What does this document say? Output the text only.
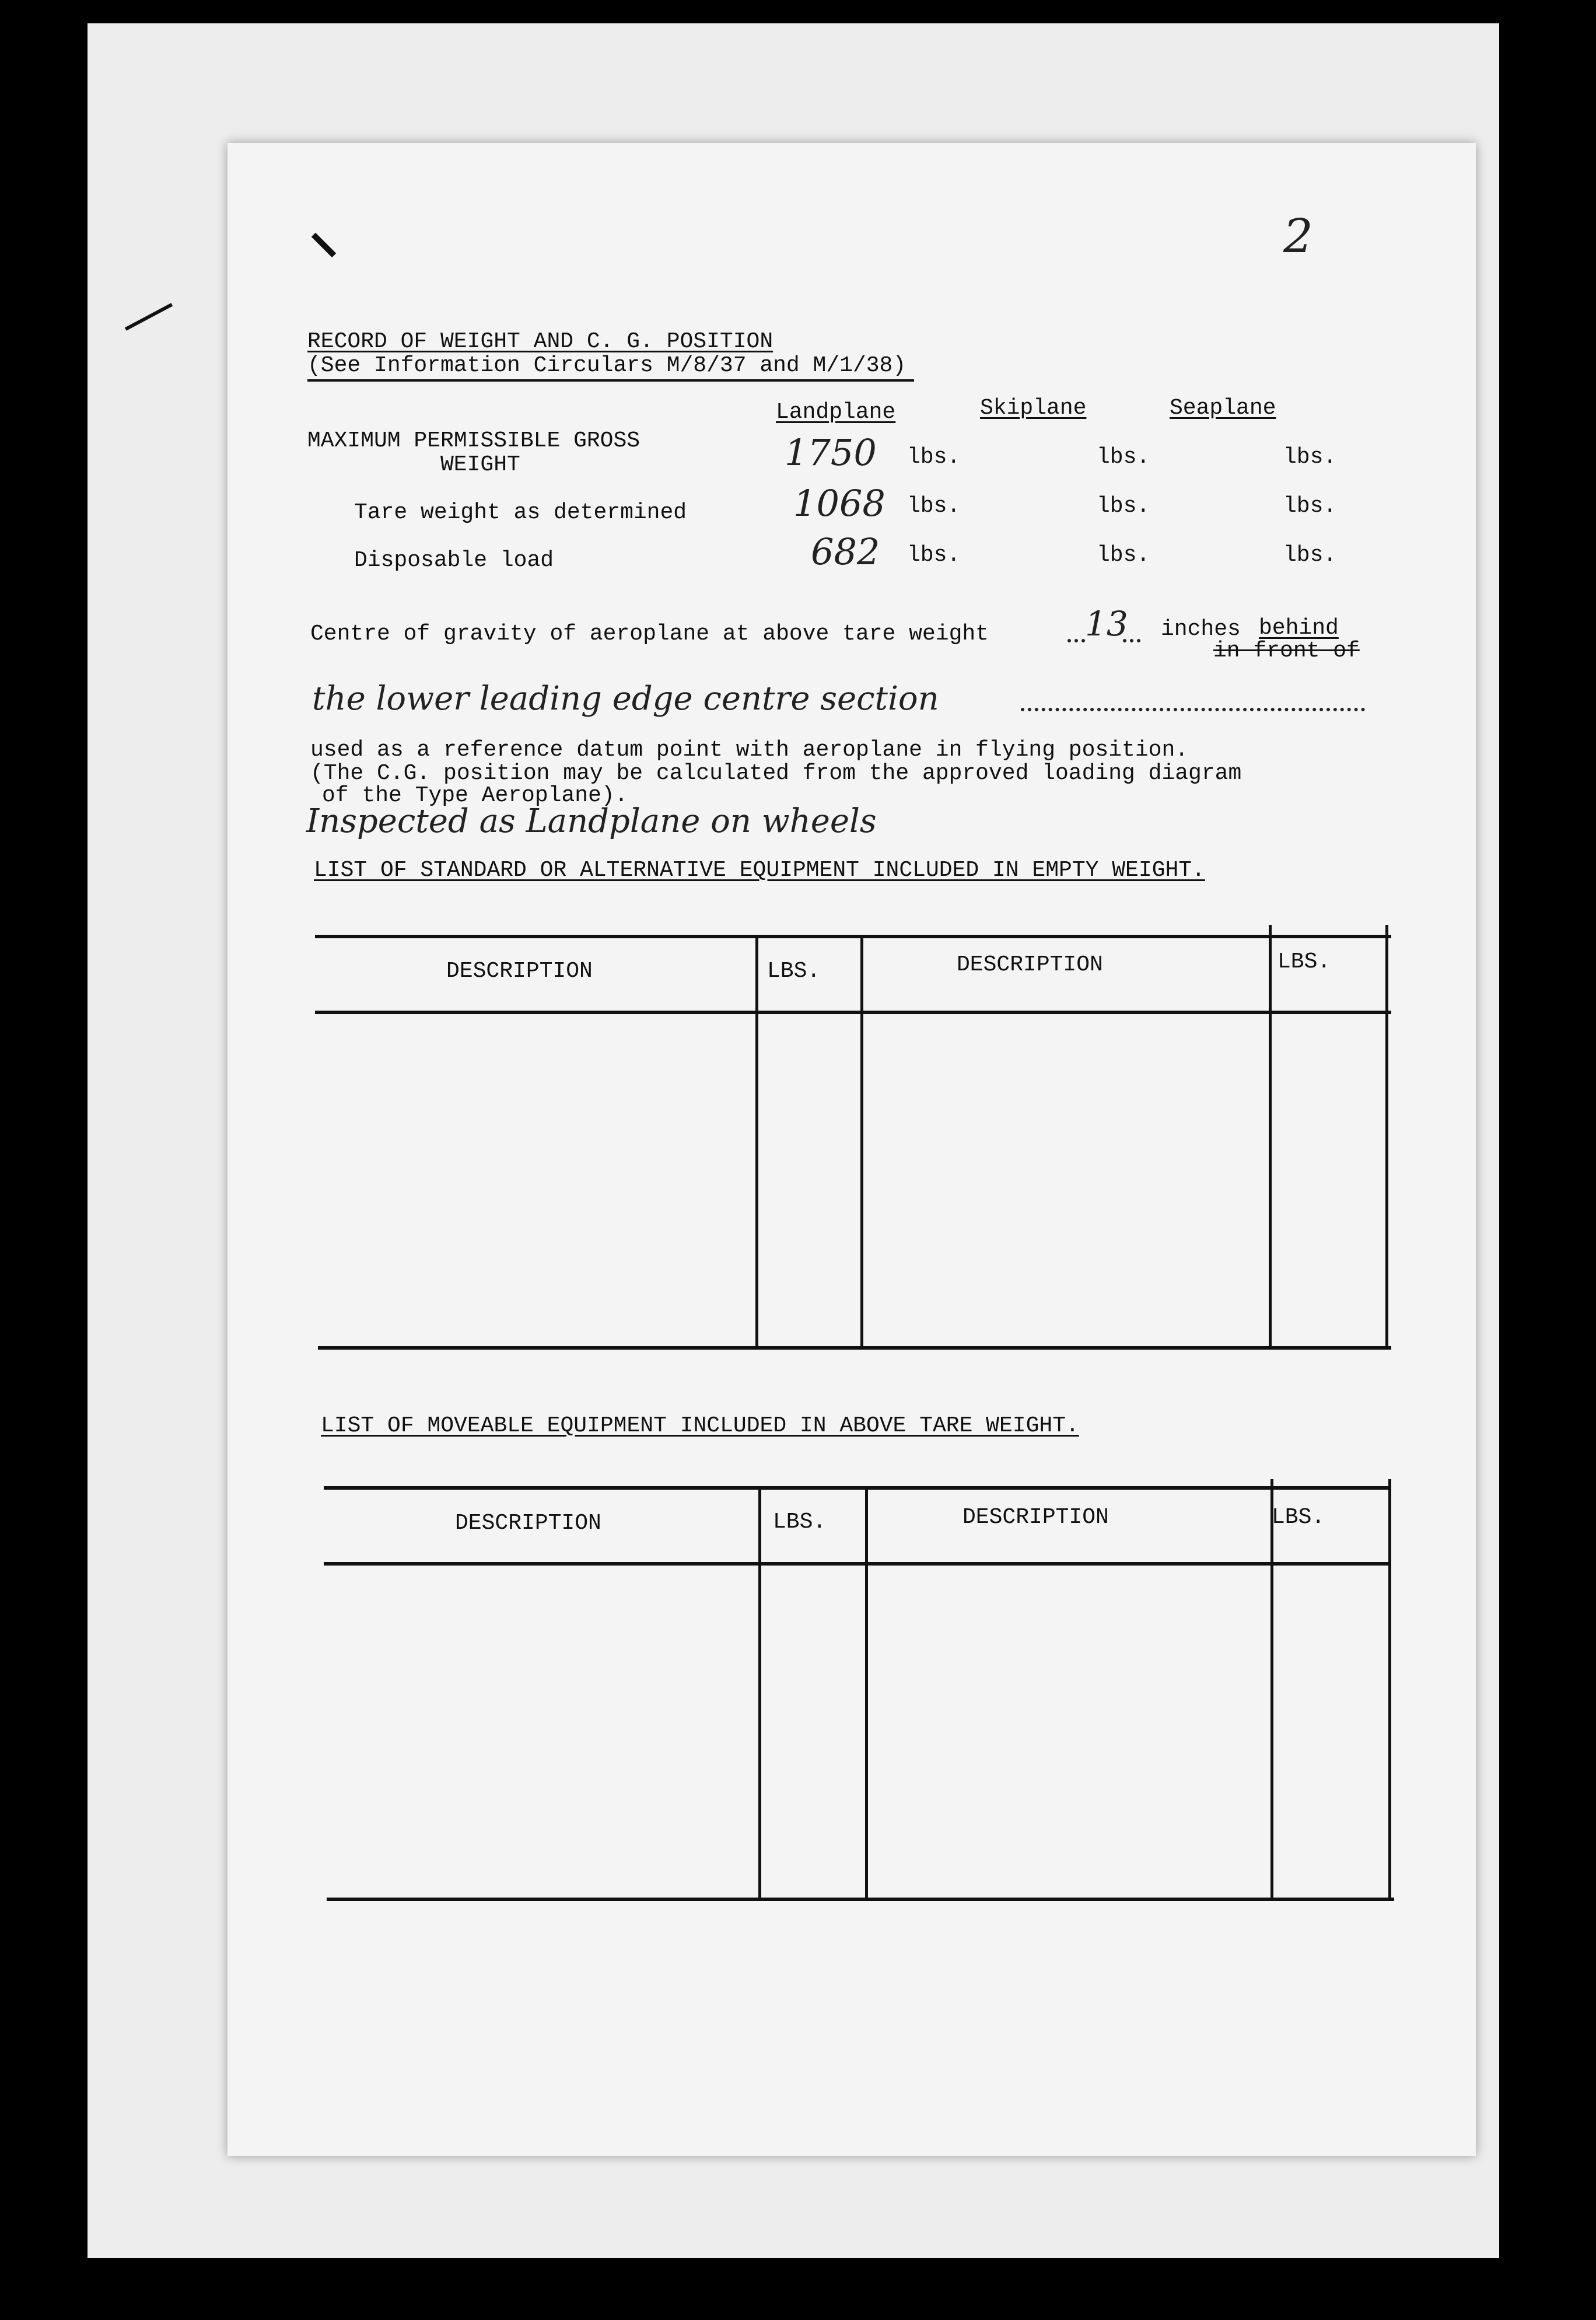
2
RECORD OF WEIGHT AND C. G. POSITION
(See Information Circulars M/8/37 and M/1/38)
Landplane	Skiplane	Seaplane
MAXIMUM PERMISSIBLE GROSS
WEIGHT	1750 lbs.	lbs.	lbs.
Tare weight as determined	1068 lbs.	lbs.	lbs.
Disposable load	682 lbs.	lbs.	lbs.
Centre of gravity of aeroplane at above tare weight	13 inches behind
in front of
the lower leading edge centre section
used as a reference datum point with aeroplane in flying position.
(The C.G. position may be calculated from the approved loading diagram
of the Type Aeroplane).
Inspected as Landplane on wheels
LIST OF STANDARD OR ALTERNATIVE EQUIPMENT INCLUDED IN EMPTY WEIGHT.
DESCRIPTION	LBS.	DESCRIPTION	LBS.
LIST OF MOVEABLE EQUIPMENT INCLUDED IN ABOVE TARE WEIGHT.
DESCRIPTION	LBS.	DESCRIPTION	LBS.
